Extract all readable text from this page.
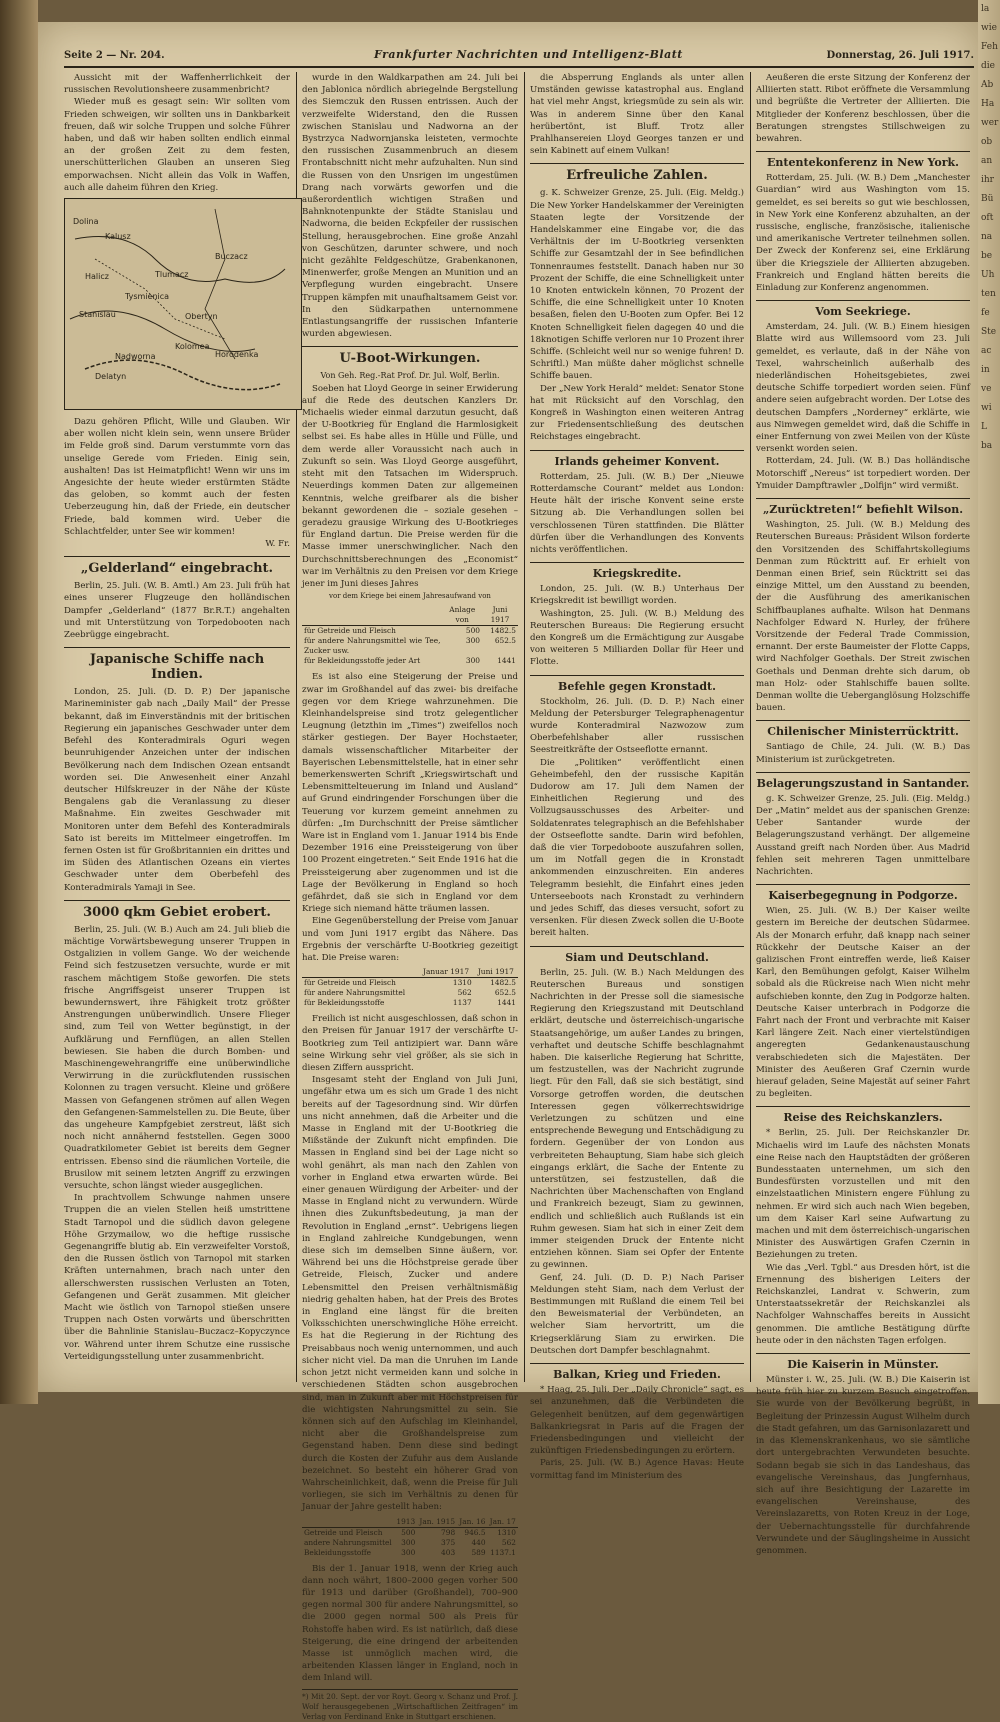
la
wie
Feh
die
Ab
Ha
wer
ob
an
ihr
Bü
oft
na
be
Uh
ten
fe
Ste
ac
in
ve
wi
L
ba
Seite 2 — Nr. 204.	Frankfurter Nachrichten und Intelligenz-Blatt	Donnerstag, 26. Juli 1917.

Aussicht mit der Waffenherrlichkeit der russischen Revolutionsheere zusammenbricht?

Wieder muß es gesagt sein: Wir sollten vom Frieden schweigen, wir sollten uns in Dankbarkeit freuen, daß wir solche Truppen und solche Führer haben, und daß wir haben sollten endlich einmal an der großen Zeit zu dem festen, unerschütterlichen Glauben an unseren Sieg emporwachsen. Nicht allein das Volk in Waffen, auch alle daheim führen den Krieg.

Buczacz
Stanislau
Horodenka
Delatyn
Kolomea
Nadworna
Tysmienica
Obertyn
Halicz	Tlumacz
Kalusz
Dolina

Dazu gehören Pflicht, Wille und Glauben. Wir aber wollen nicht klein sein, wenn unsere Brüder im Felde groß sind. Darum verstummte vorn das unselige Gerede vom Frieden. Einig sein, aushalten! Das ist Heimatpflicht! Wenn wir uns im Angesichte der heute wieder erstürmten Städte das geloben, so kommt auch der festen Ueberzeugung hin, daß der Friede, ein deutscher Friede, bald kommen wird. Ueber die Schlachtfelder, unter See wir kommen!

W. Fr.
„Gelderland“ eingebracht.

Berlin, 25. Juli. (W. B. Amtl.) Am 23. Juli früh hat eines unserer Flugzeuge den holländischen Dampfer „Gelderland“ (1877 Br.R.T.) angehalten und mit Unterstützung von Torpedobooten nach Zeebrügge eingebracht.

Japanische Schiffe nach Indien.

London, 25. Juli. (D. D. P.) Der japanische Marineminister gab nach „Daily Mail“ der Presse bekannt, daß im Einverständnis mit der britischen Regierung ein japanisches Geschwader unter dem Befehl des Konteradmirals Oguri wegen beunruhigender Anzeichen unter der indischen Bevölkerung nach dem Indischen Ozean entsandt worden sei. Die Anwesenheit einer Anzahl deutscher Hilfskreuzer in der Nähe der Küste Bengalens gab die Veranlassung zu dieser Maßnahme. Ein zweites Geschwader mit Monitoren unter dem Befehl des Konteradmirals Sato ist bereits im Mittelmeer eingetroffen. Im fernen Osten ist für Großbritannien ein drittes und im Süden des Atlantischen Ozeans ein viertes Geschwader unter dem Oberbefehl des Konteradmirals Yamaji in See.

3000 qkm Gebiet erobert.

Berlin, 25. Juli. (W. B.) Auch am 24. Juli blieb die mächtige Vorwärtsbewegung unserer Truppen in Ostgalizien in vollem Gange. Wo der weichende Feind sich festzusetzen versuchte, wurde er mit raschem mächtigem Stoße geworfen. Die stets frische Angriffsgeist unserer Truppen ist bewundernswert, ihre Fähigkeit trotz größter Anstrengungen unüberwindlich. Unsere Flieger sind, zum Teil von Wetter begünstigt, in der Aufklärung und Fernflügen, an allen Stellen bewiesen. Sie haben die durch Bomben- und Maschinengewehrangriffe eine unüberwindliche Verwirrung in die zurückflutenden russischen Kolonnen zu tragen versucht. Kleine und größere Massen von Gefangenen strömen auf allen Wegen den Gefangenen-Sammelstellen zu. Die Beute, über das ungeheure Kampfgebiet zerstreut, läßt sich noch nicht annähernd feststellen. Gegen 3000 Quadratkilometer Gebiet ist bereits dem Gegner entrissen. Ebenso sind die räumlichen Vorteile, die Brusilow mit seinem letzten Angriff zu erzwingen versuchte, schon längst wieder ausgeglichen.

In prachtvollem Schwunge nahmen unsere Truppen die an vielen Stellen heiß umstrittene Stadt Tarnopol und die südlich davon gelegene Höhe Grzymailow, wo die heftige russische Gegenangriffe blutig ab. Ein verzweifelter Vorstoß, den die Russen östlich von Tarnopol mit starken Kräften unternahmen, brach nach unter den allerschwersten russischen Verlusten an Toten, Gefangenen und Gerät zusammen. Mit gleicher Macht wie östlich von Tarnopol stießen unsere Truppen nach Osten vorwärts und überschritten über die Bahnlinie Stanislau–Buczacz–Kopyczynce vor. Während unter ihrem Schutze eine russische Verteidigungsstellung unter zusammenbricht.

wurde in den Waldkarpathen am 24. Juli bei den Jablonica nördlich abriegelnde Bergstellung des Siemczuk den Russen entrissen. Auch der verzweifelte Widerstand, den die Russen zwischen Stanislau und Nadworna an der Bystrzyca Nadwornjanska leisteten, vermochte den russischen Zusammenbruch an diesem Frontabschnitt nicht mehr aufzuhalten. Nun sind die Russen von den Unsrigen im ungestümen Drang nach vorwärts geworfen und die außerordentlich wichtigen Straßen und Bahnknotenpunkte der Städte Stanislau und Nadworna, die beiden Eckpfeiler der russischen Stellung, herausgebrochen. Eine große Anzahl von Geschützen, darunter schwere, und noch nicht gezählte Feldgeschütze, Grabenkanonen, Minenwerfer, große Mengen an Munition und an Verpflegung wurden eingebracht. Unsere Truppen kämpfen mit unaufhaltsamem Geist vor. In den Südkarpathen unternommene Entlastungsangriffe der russischen Infanterie wurden abgewiesen.

U-Boot-Wirkungen.
Von Geh. Reg.-Rat Prof. Dr. Jul. Wolf, Berlin.

Soeben hat Lloyd George in seiner Erwiderung auf die Rede des deutschen Kanzlers Dr. Michaelis wieder einmal darzutun gesucht, daß der U-Bootkrieg für England die Harmlosigkeit selbst sei. Es habe alles in Hülle und Fülle, und dem werde aller Voraussicht nach auch in Zukunft so sein. Was Lloyd George ausgeführt, steht mit den Tatsachen im Widerspruch. Neuerdings kommen Daten zur allgemeinen Kenntnis, welche greifbarer als die bisher bekannt gewordenen die – soziale gesehen – geradezu grausige Wirkung des U-Bootkrieges für England dartun. Die Preise werden für die Masse immer unerschwinglicher. Nach den Durchschnittsberechnungen des „Economist“ war im Verhältnis zu den Preisen vor dem Kriege jener im Juni dieses Jahres

vor dem Kriege bei einem Jahresaufwand von
	Anlage von	Juni 1917
für Getreide und Fleisch	500	1482.5
für andere Nahrungsmittel wie Tee, Zucker usw.	300	652.5
für Bekleidungsstoffe jeder Art	300	1441

Es ist also eine Steigerung der Preise und zwar im Großhandel auf das zwei- bis dreifache gegen vor dem Kriege wahrzunehmen. Die Kleinhandelspreise sind trotz gelegentlicher Leugnung (letzthin im „Times“) zweifellos noch stärker gestiegen. Der Bayer Hochstaeter, damals wissenschaftlicher Mitarbeiter der Bayerischen Lebensmittelstelle, hat in einer sehr bemerkenswerten Schrift „Kriegswirtschaft und Lebensmittelteuerung im Inland und Ausland“ auf Grund eindringender Forschungen über die Teuerung vor kurzem gemeint annehmen zu dürfen: „Im Durchschnitt der Preise sämtlicher Ware ist in England vom 1. Januar 1914 bis Ende Dezember 1916 eine Preissteigerung von über 100 Prozent eingetreten.“ Seit Ende 1916 hat die Preissteigerung aber zugenommen und ist die Lage der Bevölkerung in England so hoch gefährdet, daß sie sich in England vor dem Kriege sich niemand hätte träumen lassen.

Eine Gegenüberstellung der Preise vom Januar und vom Juni 1917 ergibt das Nähere. Das Ergebnis der verschärfte U-Bootkrieg gezeitigt hat. Die Preise waren:

	Januar 1917	Juni 1917
für Getreide und Fleisch	1310	1482.5
für andere Nahrungsmittel	562	652.5
für Bekleidungsstoffe	1137	1441

Freilich ist nicht ausgeschlossen, daß schon in den Preisen für Januar 1917 der verschärfte U-Bootkrieg zum Teil antizipiert war. Dann wäre seine Wirkung sehr viel größer, als sie sich in diesen Ziffern ausspricht.

Insgesamt steht der England von Juli Juni, ungefähr etwa um es sich um Grade 1 des nicht bereits auf der Tagesordnung sind. Wir dürfen uns nicht annehmen, daß die Arbeiter und die Masse in England mit der U-Bootkrieg die Mißstände der Zukunft nicht empfinden. Die Massen in England sind bei der Lage nicht so wohl genährt, als man nach den Zahlen von vorher in England etwa erwarten würde. Bei einer genauen Würdigung der Arbeiter- und der Masse in England nicht zu verwundern. Würde ihnen dies Zukunftsbedeutung, ja man der Revolution in England „ernst“. Uebrigens liegen in England zahlreiche Kundgebungen, wenn diese sich im demselben Sinne äußern, vor. Während bei uns die Höchstpreise gerade über Getreide, Fleisch, Zucker und andere Lebensmittel den Preisen verhältnismäßig niedrig gehalten haben, hat der Preis des Brotes in England eine längst für die breiten Volksschichten unerschwingliche Höhe erreicht. Es hat die Regierung in der Richtung des Preisabbaus noch wenig unternommen, und auch sicher nicht viel. Da man die Unruhen im Lande schon jetzt nicht vermeiden kann und solche in verschiedenen Städten schon ausgebrochen sind, man in Zukunft aber mit Höchstpreisen für die wichtigsten Nahrungsmittel zu sein. Sie können sich auf den Aufschlag im Kleinhandel, nicht aber die Großhandelspreise zum Gegenstand haben. Denn diese sind bedingt durch die Kosten der Zufuhr aus dem Auslande bezeichnet. So besteht ein höherer Grad von Wahrscheinlichkeit, daß, wenn die Preise für Juli vorliegen, sie sich im Verhältnis zu denen für Januar der Jahre gestellt haben:

	1913	Jan. 1915	Jan. 16	Jan. 17
Getreide und Fleisch	500	798	946.5	1310
andere Nahrungsmittel	300	375	440	562
Bekleidungsstoffe	300	403	589	1137.1

Bis der 1. Januar 1918, wenn der Krieg auch dann noch währt, 1800–2000 gegen vorher 500 für 1913 und darüber (Großhandel), 700–900 gegen normal 300 für andere Nahrungsmittel, so die 2000 gegen normal 500 als Preis für Rohstoffe haben wird. Es ist natürlich, daß diese Steigerung, die eine dringend der arbeitenden Masse ist unmöglich machen wird, die arbeitenden Klassen länger in England, noch in dem Inland will.

*) Mit 20. Sept. der vor Royt. Georg v. Schanz und Prof. J. Wolf herausgegebenen „Wirtschaftlichen Zeitfragen“ im Verlag von Ferdinand Enke in Stuttgart erschienen.

die Absperrung Englands als unter allen Umständen gewisse katastrophal aus. England hat viel mehr Angst, kriegsmüde zu sein als wir. Was in anderem Sinne über den Kanal herübertönt, ist Bluff. Trotz aller Prahlhansereien Lloyd Georges tanzen er und sein Kabinett auf einem Vulkan!

Erfreuliche Zahlen.

g. K. Schweizer Grenze, 25. Juli. (Eig. Meldg.) Die New Yorker Handelskammer der Vereinigten Staaten legte der Vorsitzende der Handelskammer eine Eingabe vor, die das Verhältnis der im U-Bootkrieg versenkten Schiffe zur Gesamtzahl der in See befindlichen Tonnenraumes feststellt. Danach haben nur 30 Prozent der Schiffe, die eine Schnelligkeit unter 10 Knoten entwickeln können, 70 Prozent der Schiffe, die eine Schnelligkeit unter 10 Knoten besaßen, fielen den U-Booten zum Opfer. Bei 12 Knoten Schnelligkeit fielen dagegen 40 und die 18knotigen Schiffe verloren nur 10 Prozent ihrer Schiffe. (Schleicht weil nur so wenige fuhren! D. Schriftl.) Man müßte daher möglichst schnelle Schiffe bauen.

Der „New York Herald“ meldet: Senator Stone hat mit Rücksicht auf den Vorschlag, den Kongreß in Washington einen weiteren Antrag zur Friedensentschließung des deutschen Reichstages eingebracht.

Irlands geheimer Konvent.

Rotterdam, 25. Juli. (W. B.) Der „Nieuwe Rotterdamsche Courant“ meldet aus London: Heute hält der irische Konvent seine erste Sitzung ab. Die Verhandlungen sollen bei verschlossenen Türen stattfinden. Die Blätter dürfen über die Verhandlungen des Konvents nichts veröffentlichen.

Kriegskredite.

London, 25. Juli. (W. B.) Unterhaus Der Kriegskredit ist bewilligt worden.

Washington, 25. Juli. (W. B.) Meldung des Reuterschen Bureaus: Die Regierung ersucht den Kongreß um die Ermächtigung zur Ausgabe von weiteren 5 Milliarden Dollar für Heer und Flotte.

Befehle gegen Kronstadt.

Stockholm, 26. Juli. (D. D. P.) Nach einer Meldung der Petersburger Telegraphenagentur wurde Konteradmiral Nazwozow zum Oberbefehlshaber aller russischen Seestreitkräfte der Ostseeflotte ernannt.

Die „Politiken“ veröffentlicht einen Geheimbefehl, den der russische Kapitän Dudorow am 17. Juli dem Namen der Einheitlichen Regierung und des Vollzugsausschusses des Arbeiter- und Soldatenrates telegraphisch an die Befehlshaber der Ostseeflotte sandte. Darin wird befohlen, daß die vier Torpedoboote auszufahren sollen, um im Notfall gegen die in Kronstadt ankommenden einzuschreiten. Ein anderes Telegramm besiehlt, die Einfahrt eines jeden Unterseeboots nach Kronstadt zu verhindern und jedes Schiff, das dieses versucht, sofort zu versenken. Für diesen Zweck sollen die U-Boote bereit halten.

Siam und Deutschland.

Berlin, 25. Juli. (W. B.) Nach Meldungen des Reuterschen Bureaus und sonstigen Nachrichten in der Presse soll die siamesische Regierung den Kriegszustand mit Deutschland erklärt, deutsche und österreichisch-ungarische Staatsangehörige, um außer Landes zu bringen, verhaftet und deutsche Schiffe beschlagnahmt haben. Die kaiserliche Regierung hat Schritte, um festzustellen, was der Nachricht zugrunde liegt. Für den Fall, daß sie sich bestätigt, sind Vorsorge getroffen worden, die deutschen Interessen gegen völkerrechtswidrige Verletzungen zu schützen und eine entsprechende Bewegung und Entschädigung zu fordern. Gegenüber der von London aus verbreiteten Behauptung, Siam habe sich gleich eingangs erklärt, die Sache der Entente zu unterstützen, sei festzustellen, daß die Nachrichten über Machenschaften von England und Frankreich bezeugt, Siam zu gewinnen, endlich und schließlich auch Rußlands ist ein Ruhm gewesen. Siam hat sich in einer Zeit dem immer steigenden Druck der Entente nicht entziehen können. Siam sei Opfer der Entente zu gewinnen.

Genf, 24. Juli. (D. D. P.) Nach Pariser Meldungen steht Siam, nach dem Verlust der Bestimmungen mit Rußland die einem Teil bei den Beweismaterial der Verbündeten, an welcher Siam hervortritt, um die Kriegserklärung Siam zu erwirken. Die Deutschen dort Dampfer beschlagnahmt.

Balkan, Krieg und Frieden.

* Haag, 25. Juli. Der „Daily Chronicle“ sagt, es sei anzunehmen, daß die Verbündeten die Gelegenheit benützen, auf dem gegenwärtigen Balkankriegsrat in Paris auf die Fragen der Friedensbedingungen und vielleicht der zukünftigen Friedensbedingungen zu erörtern.

Paris, 25. Juli. (W. B.) Agence Havas: Heute vormittag fand im Ministerium des

Aeußeren die erste Sitzung der Konferenz der Alliierten statt. Ribot eröffnete die Versammlung und begrüßte die Vertreter der Alliierten. Die Mitglieder der Konferenz beschlossen, über die Beratungen strengstes Stillschweigen zu bewahren.

Ententekonferenz in New York.

Rotterdam, 25. Juli. (W. B.) Dem „Manchester Guardian“ wird aus Washington vom 15. gemeldet, es sei bereits so gut wie beschlossen, in New York eine Konferenz abzuhalten, an der russische, englische, französische, italienische und amerikanische Vertreter teilnehmen sollen. Der Zweck der Konferenz sei, eine Erklärung über die Kriegsziele der Alliierten abzugeben. Frankreich und England hätten bereits die Einladung zur Konferenz angenommen.

Vom Seekriege.

Amsterdam, 24. Juli. (W. B.) Einem hiesigen Blatte wird aus Willemsoord vom 23. Juli gemeldet, es verlaute, daß in der Nähe von Texel, wahrscheinlich außerhalb des niederländischen Hoheitsgebietes, zwei deutsche Schiffe torpediert worden seien. Fünf andere seien aufgebracht worden. Der Lotse des deutschen Dampfers „Norderney“ erklärte, wie aus Nimwegen gemeldet wird, daß die Schiffe in einer Entfernung von zwei Meilen von der Küste versenkt worden seien.

Rotterdam, 24. Juli. (W. B.) Das holländische Motorschiff „Nereus“ ist torpediert worden. Der Ymuider Dampftrawler „Dolfijn“ wird vermißt.

„Zurücktreten!“ befiehlt Wilson.

Washington, 25. Juli. (W. B.) Meldung des Reuterschen Bureaus: Präsident Wilson forderte den Vorsitzenden des Schiffahrtskollegiums Denman zum Rücktritt auf. Er erhielt von Denman einen Brief, sein Rücktritt sei das einzige Mittel, um den Ausstand zu beenden, der die Ausführung des amerikanischen Schiffbauplanes aufhalte. Wilson hat Denmans Nachfolger Edward N. Hurley, der frühere Vorsitzende der Federal Trade Commission, ernannt. Der erste Baumeister der Flotte Capps, wird Nachfolger Goethals. Der Streit zwischen Goethals und Denman drehte sich darum, ob man Holz- oder Stahlschiffe bauen sollte. Denman wollte die Ueberganglösung Holzschiffe bauen.

Chilenischer Ministerrücktritt.

Santiago de Chile, 24. Juli. (W. B.) Das Ministerium ist zurückgetreten.

Belagerungszustand in Santander.

g. K. Schweizer Grenze, 25. Juli. (Eig. Meldg.) Der „Matin“ meldet aus der spanischen Grenze: Ueber Santander wurde der Belagerungszustand verhängt. Der allgemeine Ausstand greift nach Norden über. Aus Madrid fehlen seit mehreren Tagen unmittelbare Nachrichten.

Kaiserbegegnung in Podgorze.

Wien, 25. Juli. (W. B.) Der Kaiser weilte gestern im Bereiche der deutschen Südarmee. Als der Monarch erfuhr, daß knapp nach seiner Rückkehr der Deutsche Kaiser an der galizischen Front eintreffen werde, ließ Kaiser Karl, den Bemühungen gefolgt, Kaiser Wilhelm sobald als die Rückreise nach Wien nicht mehr aufschieben konnte, den Zug in Podgorze halten. Deutsche Kaiser unterbrach in Podgorze die Fahrt nach der Front und verbrachte mit Kaiser Karl längere Zeit. Nach einer viertelstündigen angeregten Gedankenaustauschung verabschiedeten sich die Majestäten. Der Minister des Aeußeren Graf Czernin wurde hierauf geladen, Seine Majestät auf seiner Fahrt zu begleiten.

Reise des Reichskanzlers.

* Berlin, 25. Juli. Der Reichskanzler Dr. Michaelis wird im Laufe des nächsten Monats eine Reise nach den Hauptstädten der größeren Bundesstaaten unternehmen, um sich den Bundesfürsten vorzustellen und mit den einzelstaatlichen Ministern engere Fühlung zu nehmen. Er wird sich auch nach Wien begeben, um dem Kaiser Karl seine Aufwartung zu machen und mit dem österreichisch-ungarischen Minister des Auswärtigen Grafen Czernin in Beziehungen zu treten.

Wie das „Verl. Tgbl.“ aus Dresden hört, ist die Ernennung des bisherigen Leiters der Reichskanzlei, Landrat v. Schwerin, zum Unterstaatssekretär der Reichskanzlei als Nachfolger Wahnschaffes bereits in Aussicht genommen. Die amtliche Bestätigung dürfte heute oder in den nächsten Tagen erfolgen.

Die Kaiserin in Münster.

Münster i. W., 25. Juli. (W. B.) Die Kaiserin ist heute früh hier zu kurzem Besuch eingetroffen. Sie wurde von der Bevölkerung begrüßt, in Begleitung der Prinzessin August Wilhelm durch die Stadt gefahren, um das Garnisonlazarett und in das Klemenskrankenhaus, wo sie sämtliche dort untergebrachten Verwundeten besuchte. Sodann begab sie sich in das Landeshaus, das evangelische Vereinshaus, das Jungfernhaus, sich auf ihre Besichtigung der Lazarette im evangelischen Vereinshause, des Vereinslazaretts, von Roten Kreuz in der Loge, der Uebernachtungsstelle für durchfahrende Verwundete und der Säuglingsheime in Aussicht genommen.
